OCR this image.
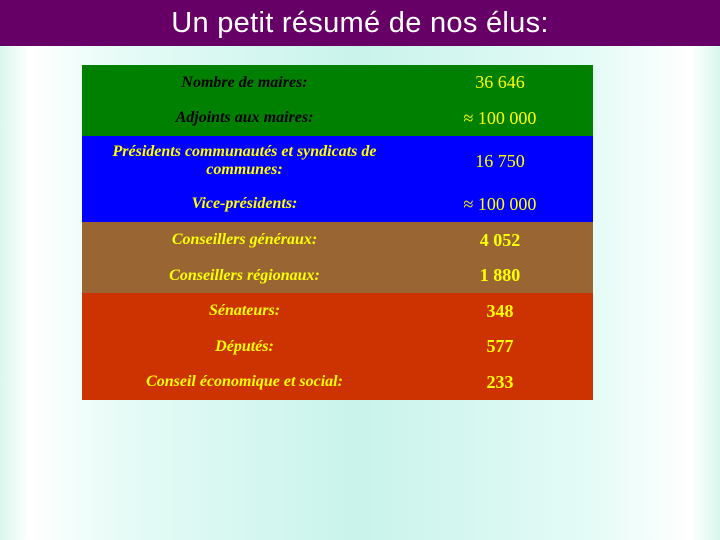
Un petit résumé de nos élus:
Nombre de maires:	36 646
Adjoints aux maires:	≈ 100 000
Présidents communautés et syndicats de communes:	16 750
Vice-présidents:	≈ 100 000
Conseillers généraux:	4 052
Conseillers régionaux:	1 880
Sénateurs:	348
Députés:	577
Conseil économique et social:	233
